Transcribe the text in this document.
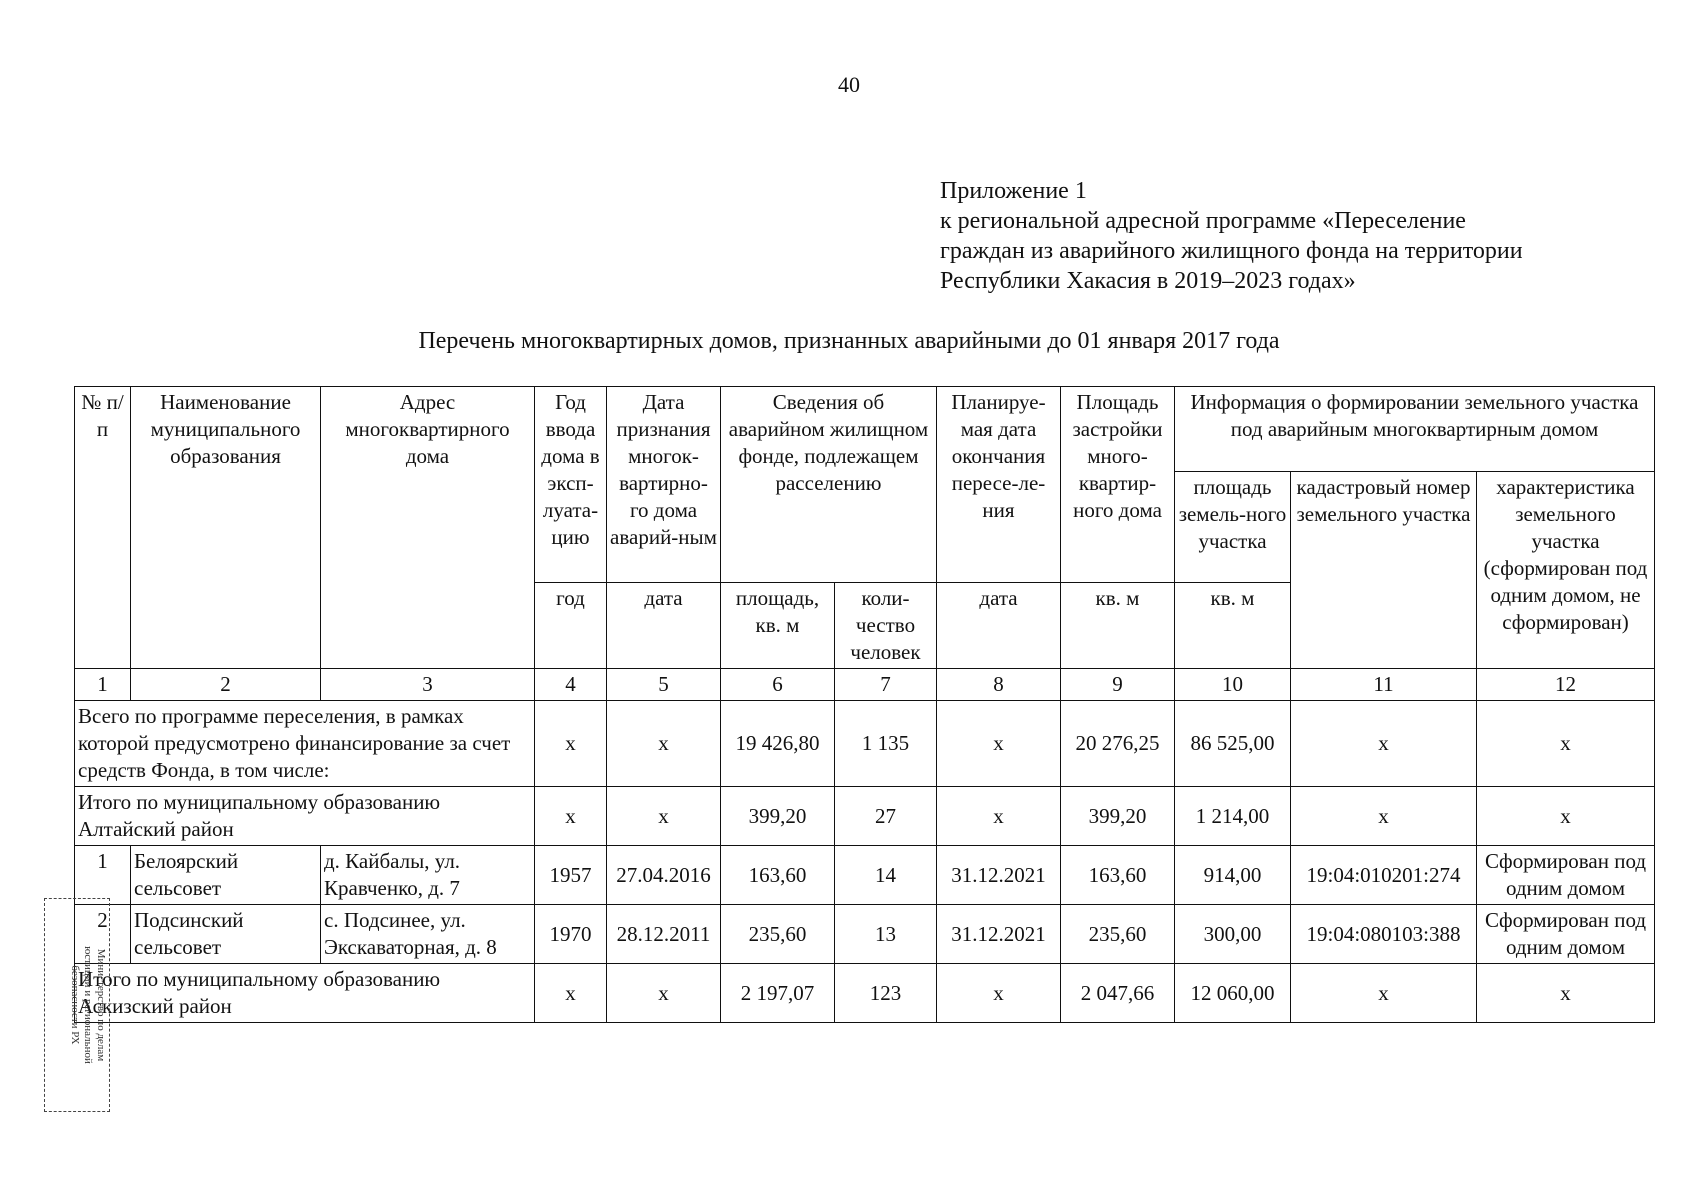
40
Приложение 1
к региональной адресной программе «Переселение
граждан из аварийного жилищного фонда на территории
Республики Хакасия в 2019–2023 годах»
Перечень многоквартирных домов, признанных аварийными до 01 января 2017 года
№ п/п	Наименование муниципального образования	Адрес многоквартирного дома	Год ввода дома в эксп-луата-цию	Дата признания многок-вартирно-го дома аварий-ным	Сведения об аварийном жилищном фонде, подлежащем расселению		Планируе-мая дата окончания пересе-ле-ния	Площадь застройки много-квартир-ного дома	Информация о формировании земельного участка под аварийным многоквартирным домом		
									площадь земель-ного участка	кадастровый номер земельного участка	характеристика земельного участка (сформирован под одним домом, не сформирован)
			год	дата	площадь, кв. м	коли-чество человек	дата	кв. м	кв. м		
1	2	3	4	5	6	7	8	9	10	11	12
Всего по программе переселения, в рамках которой предусмотрено финансирование за счет средств Фонда, в том числе:			х	х	19 426,80	1 135	х	20 276,25	86 525,00	х	х
Итого по муниципальному образованию Алтайский район			х	х	399,20	27	х	399,20	1 214,00	х	х
1	Белоярский сельсовет	д. Кайбалы, ул. Кравченко, д. 7	1957	27.04.2016	163,60	14	31.12.2021	163,60	914,00	19:04:010201:274	Сформирован под одним домом
2	Подсинский сельсовет	с. Подсинее, ул. Экскаваторная, д. 8	1970	28.12.2011	235,60	13	31.12.2021	235,60	300,00	19:04:080103:388	Сформирован под одним домом
Итого по муниципальному образованию Аскизский район			х	х	2 197,07	123	х	2 047,66	12 060,00	х	х
Министерство по делам
юстиции и региональной
безопасности РХ
